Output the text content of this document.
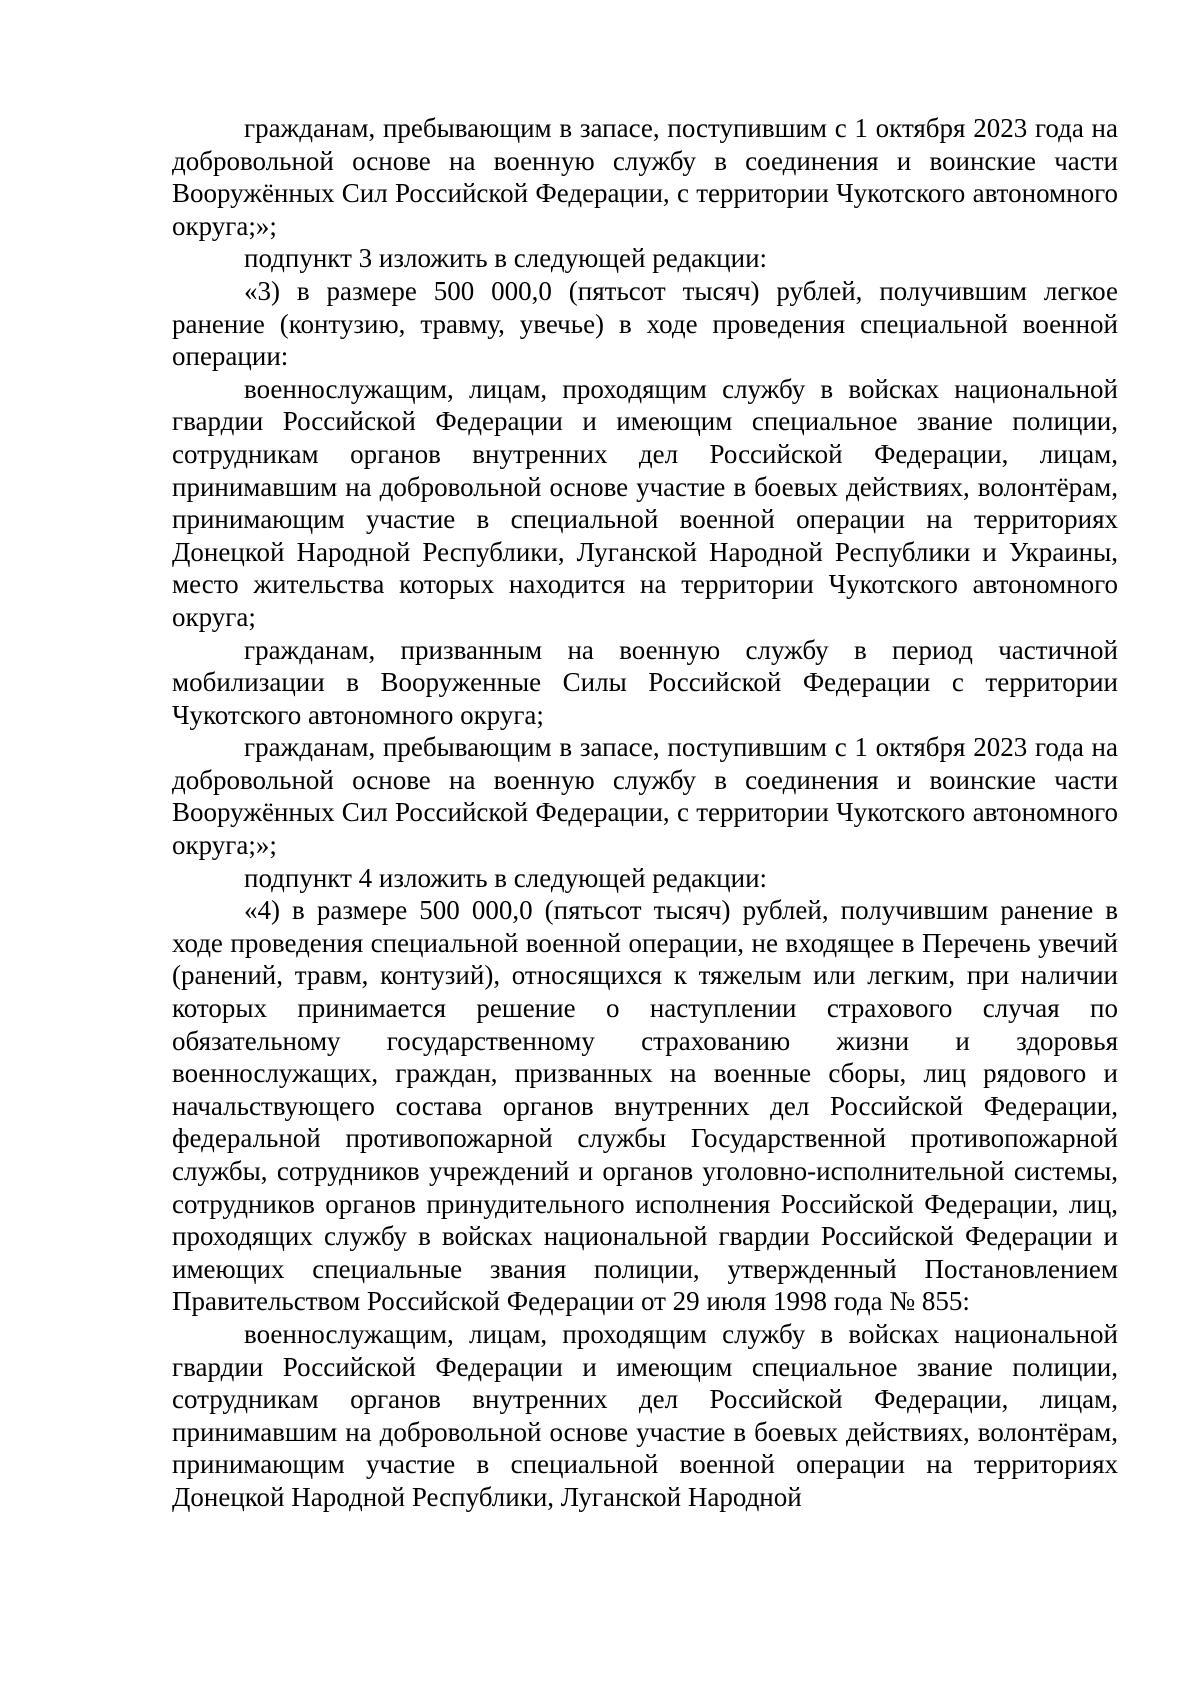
гражданам, пребывающим в запасе, поступившим с 1 октября 2023 года на добровольной основе на военную службу в соединения и воинские части Вооружённых Сил Российской Федерации, с территории Чукотского автономного округа;»;

подпункт 3 изложить в следующей редакции:

«3) в размере 500 000,0 (пятьсот тысяч) рублей, получившим легкое ранение (контузию, травму, увечье) в ходе проведения специальной военной операции:

военнослужащим, лицам, проходящим службу в войсках национальной гвардии Российской Федерации и имеющим специальное звание полиции, сотрудникам органов внутренних дел Российской Федерации, лицам, принимавшим на добровольной основе участие в боевых действиях, волонтёрам, принимающим участие в специальной военной операции на территориях Донецкой Народной Республики, Луганской Народной Республики и Украины, место жительства которых находится на территории Чукотского автономного округа;

гражданам, призванным на военную службу в период частичной мобилизации в Вооруженные Силы Российской Федерации с территории Чукотского автономного округа;

гражданам, пребывающим в запасе, поступившим с 1 октября 2023 года на добровольной основе на военную службу в соединения и воинские части Вооружённых Сил Российской Федерации, с территории Чукотского автономного округа;»;

подпункт 4 изложить в следующей редакции:

«4) в размере 500 000,0 (пятьсот тысяч) рублей, получившим ранение в ходе проведения специальной военной операции, не входящее в Перечень увечий (ранений, травм, контузий), относящихся к тяжелым или легким, при наличии которых принимается решение о наступлении страхового случая по обязательному государственному страхованию жизни и здоровья военнослужащих, граждан, призванных на военные сборы, лиц рядового и начальствующего состава органов внутренних дел Российской Федерации, федеральной противопожарной службы Государственной противопожарной службы, сотрудников учреждений и органов уголовно-исполнительной системы, сотрудников органов принудительного исполнения Российской Федерации, лиц, проходящих службу в войсках национальной гвардии Российской Федерации и имеющих специальные звания полиции, утвержденный Постановлением Правительством Российской Федерации от 29 июля 1998 года № 855:

военнослужащим, лицам, проходящим службу в войсках национальной гвардии Российской Федерации и имеющим специальное звание полиции, сотрудникам органов внутренних дел Российской Федерации, лицам, принимавшим на добровольной основе участие в боевых действиях, волонтёрам, принимающим участие в специальной военной операции на территориях Донецкой Народной Республики, Луганской Народной
